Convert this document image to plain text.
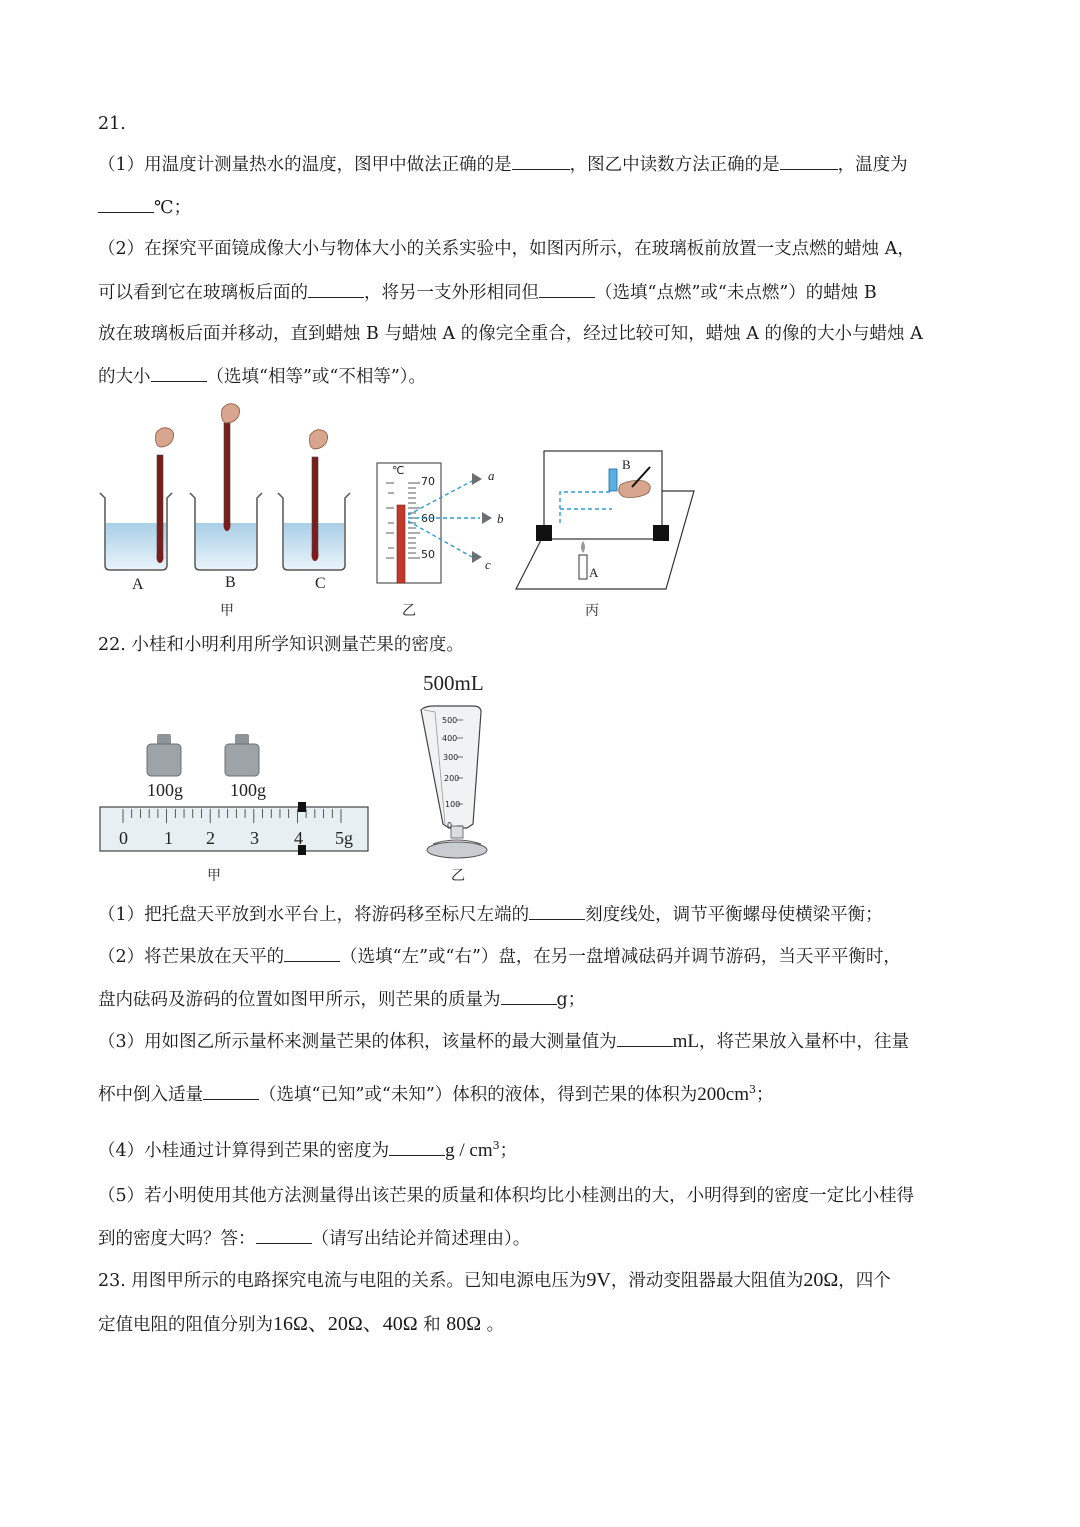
21.
（1）用温度计测量热水的温度，图甲中做法正确的是	，图乙中读数方法正确的是	，温度为
℃；
（2）在探究平面镜成像大小与物体大小的关系实验中，如图丙所示，在玻璃板前放置一支点燃的蜡烛 A，
可以看到它在玻璃板后面的	，将另一支外形相同但	（选填“点燃”或“未点燃”）的蜡烛 B
放在玻璃板后面并移动，直到蜡烛 B 与蜡烛 A 的像完全重合，经过比较可知，蜡烛 A 的像的大小与蜡烛 A
的大小	（选填“相等”或“不相等”）。
A	B	C
甲
℃
70
60
50
a
b
c
乙
A
B
丙
22. 小桂和小明利用所学知识测量芒果的密度。
100g	100g
0 1 2 3 4 5g
甲
500mL
500
400
300
200
100
0
乙
（1）把托盘天平放到水平台上，将游码移至标尺左端的	刻度线处，调节平衡螺母使横梁平衡；
（2）将芒果放在天平的	（选填“左”或“右”）盘，在另一盘增减砝码并调节游码，当天平平衡时，
盘内砝码及游码的位置如图甲所示，则芒果的质量为	g；
（3）用如图乙所示量杯来测量芒果的体积，该量杯的最大测量值为	mL，将芒果放入量杯中，往量
杯中倒入适量	（选填“已知”或“未知”）体积的液体，得到芒果的体积为$200cm^3$；
（4）小桂通过计算得到芒果的密度为	g / $cm^3$；
（5）若小明使用其他方法测量得出该芒果的质量和体积均比小桂测出的大，小明得到的密度一定比小桂得
到的密度大吗？答：	（请写出结论并简述理由）。
23. 用图甲所示的电路探究电流与电阻的关系。已知电源电压为9V，滑动变阻器最大阻值为20Ω，四个
定值电阻的阻值分别为16Ω、20Ω、40Ω 和 80Ω 。
